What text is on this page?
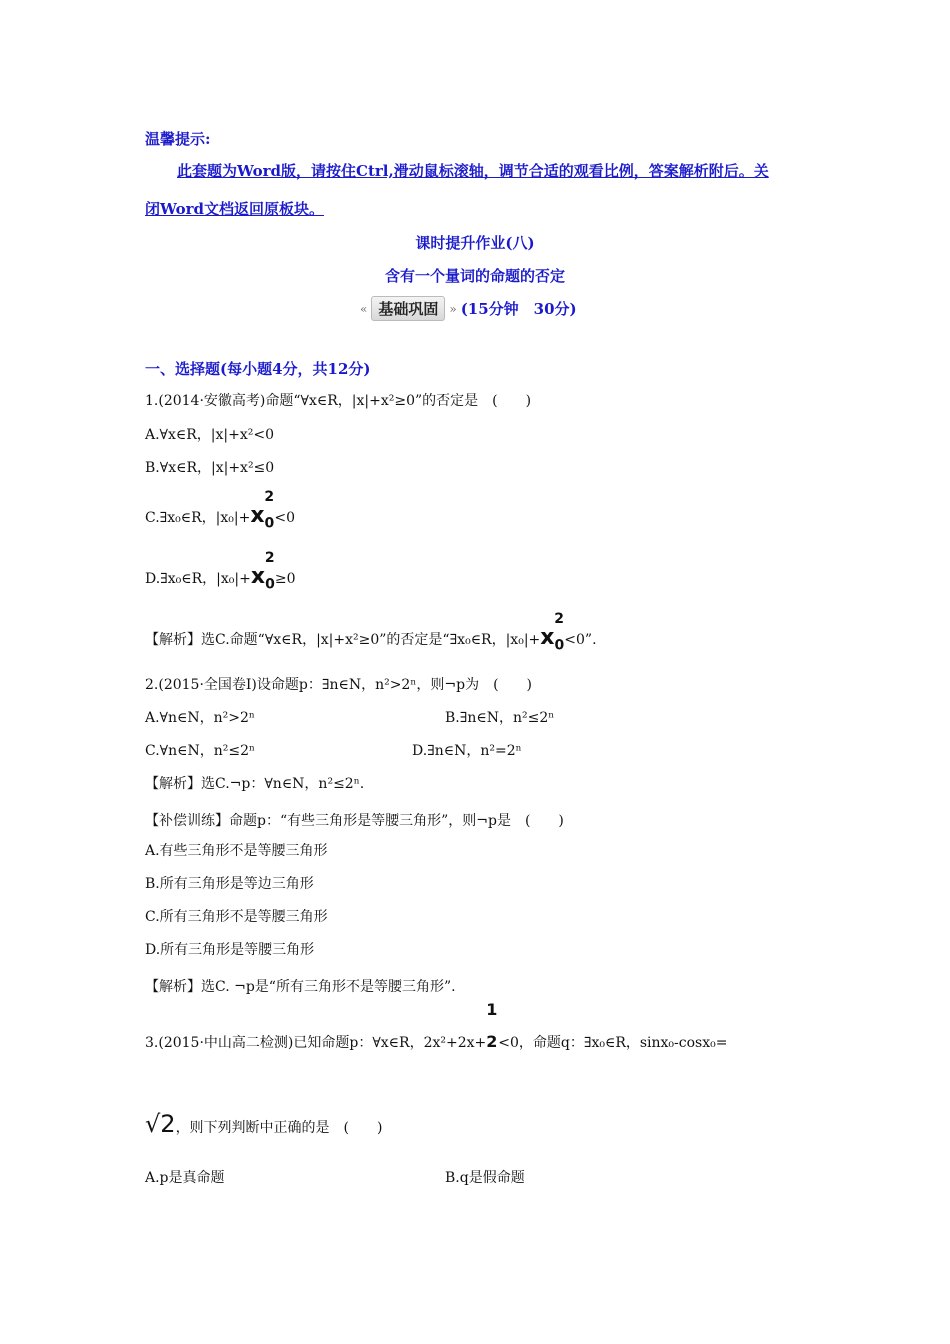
温馨提示:
此套题为Word版，请按住Ctrl,滑动鼠标滚轴，调节合适的观看比例，答案解析附后。关
闭Word文档返回原板块。
课时提升作业(八)
含有一个量词的命题的否定
« 基础巩固 » (15分钟　30分)
一、选择题(每小题4分，共12分)
1.(2014·安徽高考)命题“∀x∈R，|x|+x²≥0”的否定是　(　　)
A.∀x∈R，|x|+x²<0
B.∀x∈R，|x|+x²≤0
C.∃x₀∈R，$|x_0|+x_0$
2
<0
D.∃x₀∈R，$|x_0|+x_0$
2
≥0
【解析】选C.命题“∀x∈R，|x|+x²≥0”的否定是“∃x₀∈R，$|x_0|+x_0$
2
<0”.
2.(2015·全国卷Ⅰ)设命题p：∃n∈N，n²>2ⁿ，则¬p为　(　　)
A.∀n∈N，n²>2ⁿ	B.∃n∈N，n²≤2ⁿ
C.∀n∈N，n²≤2ⁿ	D.∃n∈N，n²=2ⁿ
【解析】选C.¬p：∀n∈N，n²≤2ⁿ.
【补偿训练】命题p：“有些三角形是等腰三角形”，则¬p是　(　　)
A.有些三角形不是等腰三角形
B.所有三角形是等边三角形
C.所有三角形不是等腰三角形
D.所有三角形是等腰三角形
【解析】选C. ¬p是“所有三角形不是等腰三角形”.
3.(2015·中山高二检测)已知命题p：∀x∈R，2x²+2x+
1
2<0，命题q：∃x₀∈R，sinx₀-cosx₀=
√2，则下列判断中正确的是　(　　)
A.p是真命题	B.q是假命题
